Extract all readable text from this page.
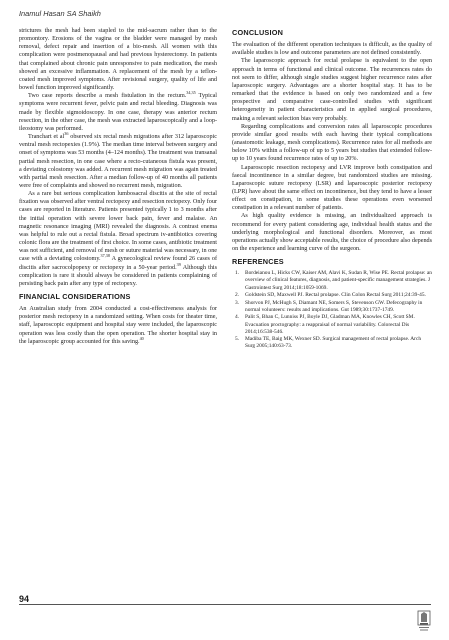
Inamul Hasan SA Shaikh

strictures the mesh had been stapled to the mid-sacrum rather than to the promontory. Erosions of the vagina or the bladder were managed by mesh removal, defect repair and insertion of a bio-mesh. All women with this complication were postmenopausal and had previous hysterectomy. In patients that complained about chronic pain unresponsive to pain medication, the mesh showed an excessive inflammation. A replacement of the mesh by a teflon-coated mesh improved symptoms. After revisional surgery, quality of life and bowel function improved significantly.

Two case reports describe a mesh fistulation in the rectum.$^{34,35}$ Typical symptoms were recurrent fever, pelvic pain and rectal bleeding. Diagnosis was made by flexible sigmoidoscopy. In one case, therapy was anterior rectum resection, in the other case, the mesh was extracted laparoscopically and a loop-ileostomy was performed.

Tranchart et $al^{36}$ observed six rectal mesh migrations after 312 laparoscopic ventral mesh rectopexies (1.9%). The median time interval between surgery and onset of symptoms was 53 months (4–124 months). The treatment was transanal partial mesh resection, in one case where a recto-cutaneous fistula was present, a deviating colostomy was added. A recurrent mesh migration was again treated with partial mesh resection. After a median follow-up of 40 months all patients were free of complaints and showed no recurrent mesh, migration.

As a rare but serious complication lumbosacral discitis at the site of rectal fixation was observed after ventral rectopexy and resection rectopexy. Only four cases are reported in literature. Patients presented typically 1 to 3 months after the initial operation with severe lower back pain, fever and malaise. An magnetic resonance imaging (MRI) revealed the diagnosis. A contrast enema was helpful to rule out a rectal fistula. Broad spectrum iv-antibiotics covering colonic flora are the treatment of first choice. In some cases, antibiotic treatment was not sufficient, and removal of mesh or suture material was necessary, in one case with a deviating colostomy.$^{37,38}$ A gynecological review found 26 cases of discitis after sacrocolpopexy or rectopexy in a 50-year period.$^{39}$ Although this complication is rare it should always be considered in patients complaining of persisting back pain after any type of rectopexy.

FINANCIAL CONSIDERATIONS

An Australian study from 2004 conducted a cost-effectiveness analysis for posterior mesh rectopexy in a randomized setting. When costs for theater time, staff, laparoscopic equipment and hospital stay were included, the laparoscopic operation was less costly than the open operation. The shorter hospital stay in the laparoscopic group accounted for this saving.$^{40}$

CONCLUSION

The evaluation of the different operation techniques is difficult, as the quality of available studies is low and outcome parameters are not defined consistently.

The laparoscopic approach for rectal prolapse is equivalent to the open approach in terms of functional and clinical outcome. The recurrences rates do not seem to differ, although single studies suggest higher recurrence rates after laparoscopic surgery. Advantages are a shorter hospital stay. It has to be remarked that the evidence is based on only two randomized and a few prospective and comparative case-controlled studies with significant heterogeneity in patient characteristics and in applied surgical procedures, making a relevant selection bias very probably.

Regarding complications and conversion rates all laparoscopic procedures provide similar good results with each having their typical complications (anastomotic leakage, mesh complications). Recurrence rates for all methods are below 10% within a follow-up of up to 5 years but studies that extended follow-up to 10 years found recurrence rates of up to 20%.

Laparoscopic resection rectopexy and LVR improve both constipation and faecal incontinence in a similar degree, but randomized studies are missing. Laparoscopic suture rectopexy (LSR) and laparoscopic posterior rectopexy (LPR) have about the same effect on incontinence, but they tend to have a lesser effect on constipation, in some studies these operations even worsened constipation in a relevant number of patients.

As high quality evidence is missing, an individualized approach is recommend for every patient considering age, individual health status and the underlying morphological and functional disorders. Moreover, as most operations actually show acceptable results, the choice of procedure also depends on the experience and learning curve of the surgeon.

REFERENCES
1. Bordeianou L, Hicks CW, Kaiser AM, Alavi K, Sudan R, Wise PE. Rectal prolapse: an overview of clinical features, diagnosis, and patient-specific management strategies. J Gastrointest Surg 2014;18:1059-1069.
2. Goldstein SD, Maxwell PJ. Rectal prolapse. Clin Colon Rectal Surg 2011;24:39-45.
3. Shorvon PJ, McHugh S, Diamant NE, Somers S, Stevenson GW. Defecography in normal volunteers: results and implications. Gut 1989;30:1737-1749.
4. Palit S, Bhan C, Lunniss PJ, Boyle DJ, Gladman MA, Knowles CH, Scott SM. Evacuation proctography: a reappraisal of normal variability. Colorectal Dis 2014;16:538-546.
5. Madiba TE, Baig MK, Wexner SD. Surgical management of rectal prolapse. Arch Surg 2005;140:63-73.
94
